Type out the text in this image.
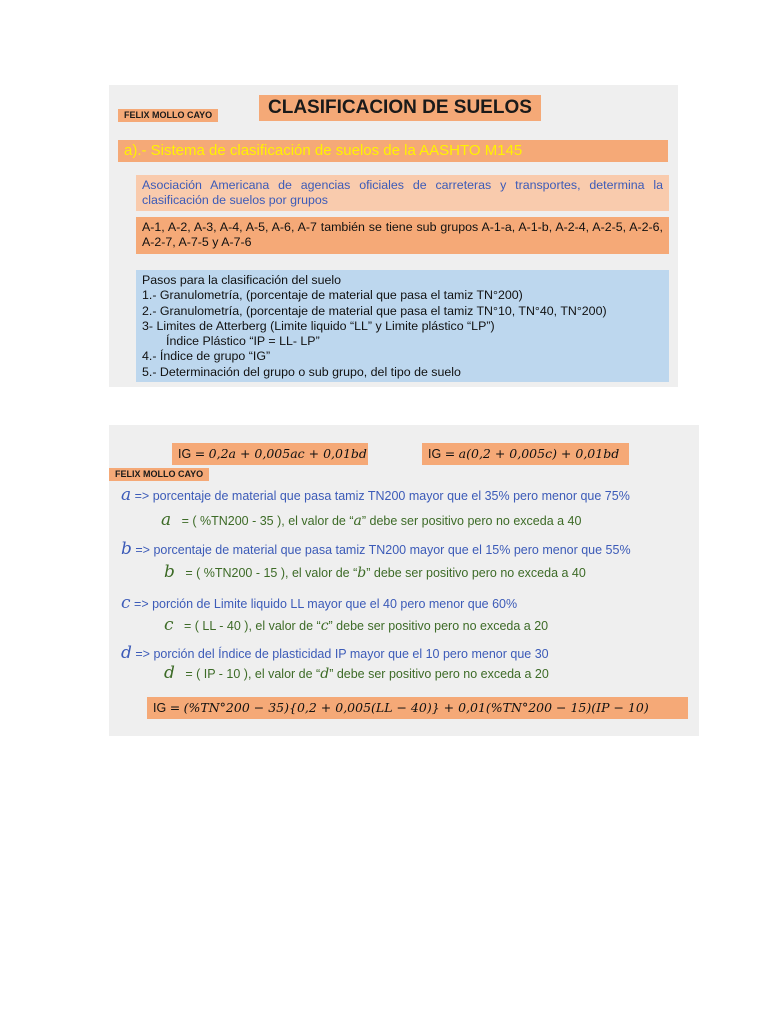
FELIX MOLLO CAYO	CLASIFICACION DE SUELOS
a).- Sistema de clasificación de suelos de la AASHTO M145
Asociación Americana de agencias oficiales de carreteras y transportes, determina la clasificación de suelos por grupos
A-1, A-2, A-3, A-4, A-5, A-6, A-7 también se tiene sub grupos A-1-a, A-1-b, A-2-4, A-2-5, A-2-6, A-2-7, A-7-5 y A-7-6
Pasos para la clasificación del suelo
1.- Granulometría, (porcentaje de material que pasa el tamiz TN°200)
2.- Granulometría, (porcentaje de material que pasa el tamiz TN°10, TN°40, TN°200)
3- Limites de Atterberg (Limite liquido “LL” y Limite plástico “LP”)
Índice Plástico “IP = LL- LP”
4.- Índice de grupo “IG”
5.- Determinación del grupo o sub grupo, del tipo de suelo
IG = 0,2a + 0,005ac + 0,01bd	IG = a(0,2 + 0,005c) + 0,01bd
FELIX MOLLO CAYO
a => porcentaje de material que pasa tamiz TN200 mayor que el 35% pero menor que 75%
a = ( %TN200 - 35 ), el valor de “a” debe ser positivo pero no exceda a 40
b => porcentaje de material que pasa tamiz TN200 mayor que el 15% pero menor que 55%
b = ( %TN200 - 15 ), el valor de “b” debe ser positivo pero no exceda a 40
c => porción de Limite liquido LL mayor que el 40 pero menor que 60%
c = ( LL - 40 ), el valor de “c” debe ser positivo pero no exceda a 20
d => porción del Índice de plasticidad IP mayor que el 10 pero menor que 30
d = ( IP - 10 ), el valor de “d” debe ser positivo pero no exceda a 20
IG = (%TN°200 − 35){0,2 + 0,005(LL − 40)} + 0,01(%TN°200 − 15)(IP − 10)
